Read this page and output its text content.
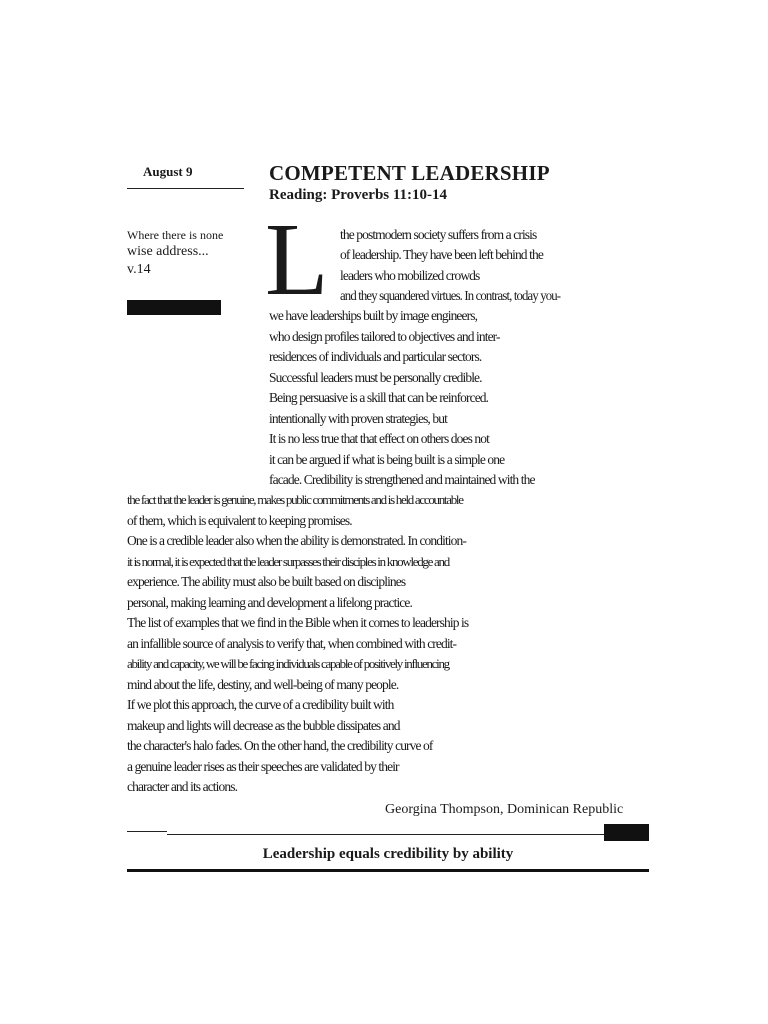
August 9	COMPETENT LEADERSHIP
Reading: Proverbs 11:10-14
Where there is none
wise address...
v.14	L the postmodern society suffers from a crisis
of leadership. They have been left behind the
leaders who mobilized crowds
and they squandered virtues. In contrast, today you-
we have leaderships built by image engineers,
who design profiles tailored to objectives and inter-
residences of individuals and particular sectors.
Successful leaders must be personally credible.
Being persuasive is a skill that can be reinforced.
intentionally with proven strategies, but
It is no less true that that effect on others does not
it can be argued if what is being built is a simple one
facade. Credibility is strengthened and maintained with the
the fact that the leader is genuine, makes public commitments and is held accountable
of them, which is equivalent to keeping promises.
One is a credible leader also when the ability is demonstrated. In condition-
it is normal, it is expected that the leader surpasses their disciples in knowledge and
experience. The ability must also be built based on disciplines
personal, making learning and development a lifelong practice.
The list of examples that we find in the Bible when it comes to leadership is
an infallible source of analysis to verify that, when combined with credit-
ability and capacity, we will be facing individuals capable of positively influencing
mind about the life, destiny, and well-being of many people.
If we plot this approach, the curve of a credibility built with
makeup and lights will decrease as the bubble dissipates and
the character's halo fades. On the other hand, the credibility curve of
a genuine leader rises as their speeches are validated by their
character and its actions.
Georgina Thompson, Dominican Republic
Leadership equals credibility by ability
